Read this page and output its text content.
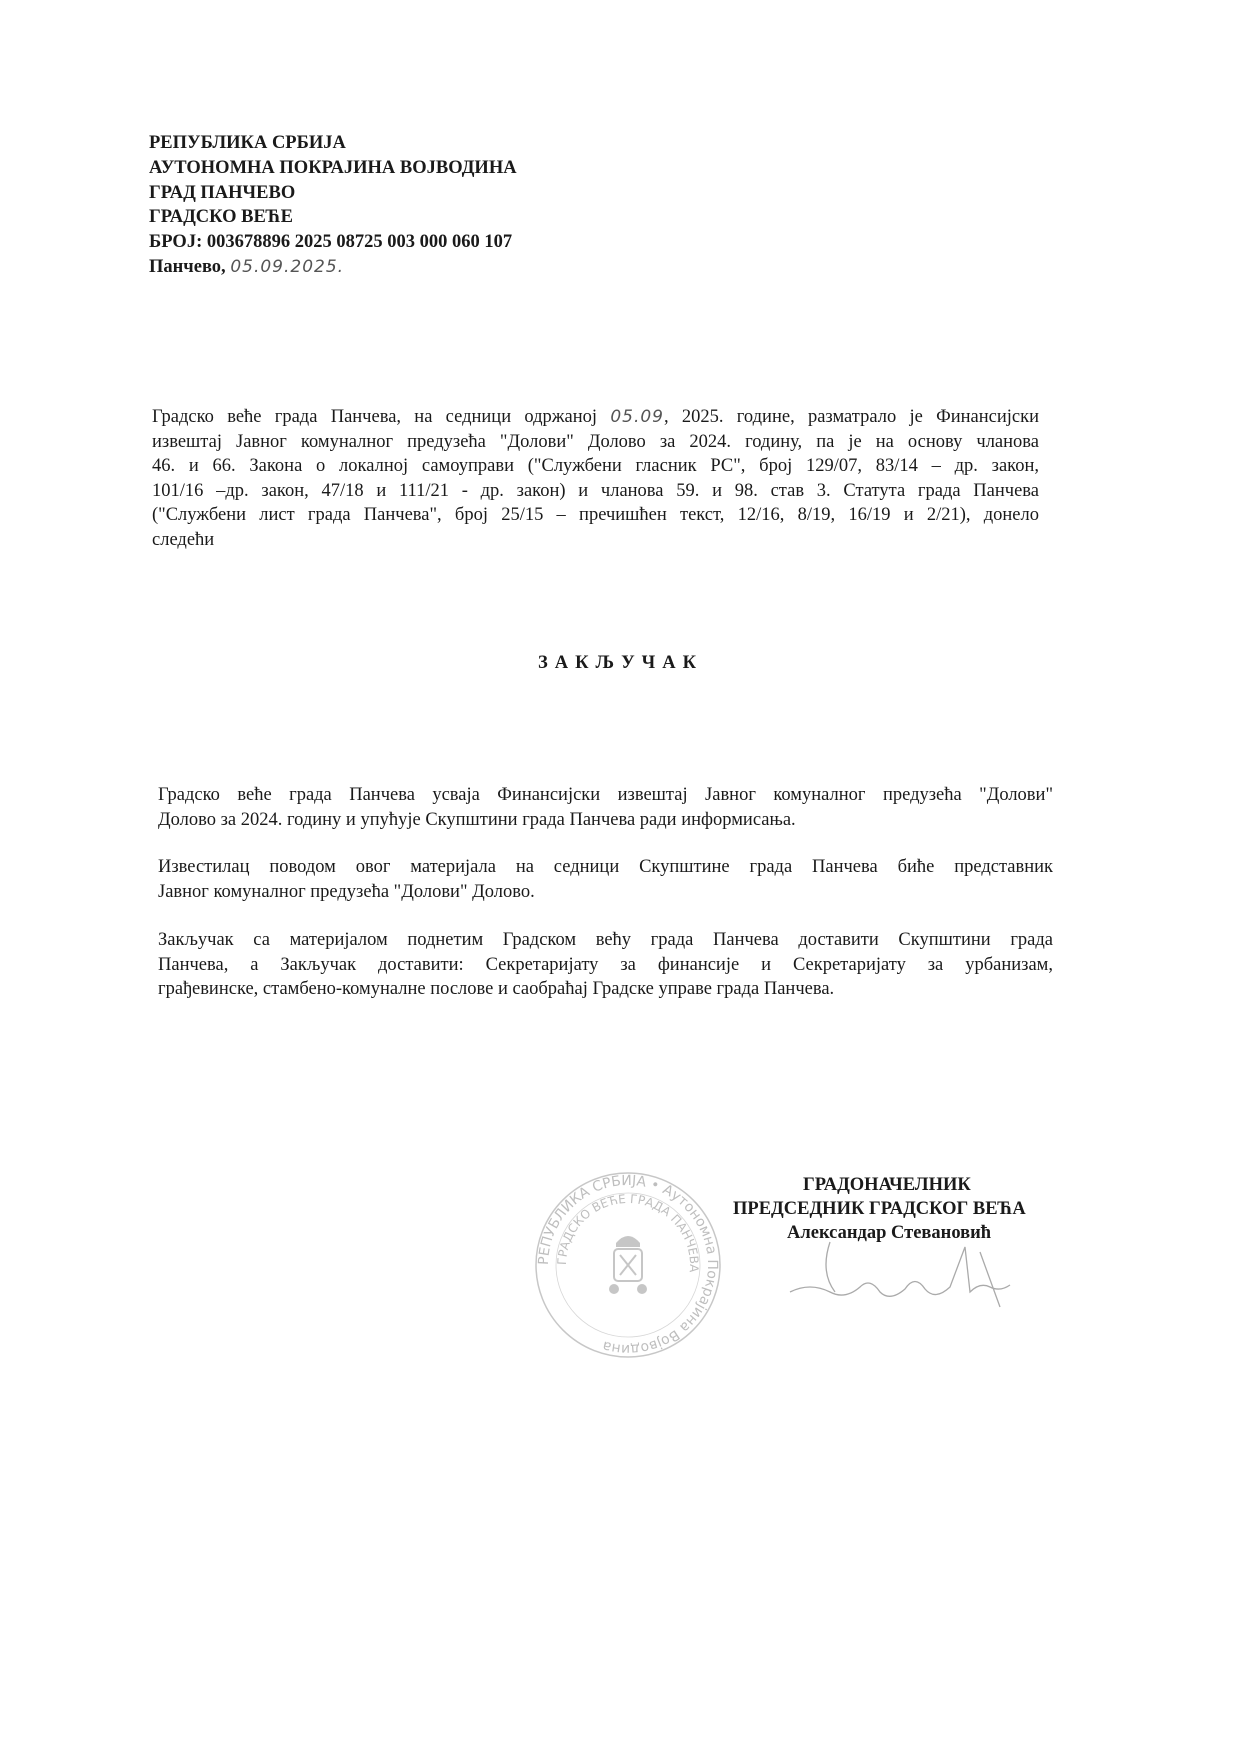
РЕПУБЛИКА СРБИЈА
АУТОНОМНА ПОКРАЈИНА ВОЈВОДИНА
ГРАД ПАНЧЕВО
ГРАДСКО ВЕЋЕ
БРОЈ: 003678896 2025 08725 003 000 060 107
Панчево, 05.09.2025.
Градско веће града Панчева, на седници одржаној 05.09, 2025. године, разматрало је Финансијски
извештај Јавног комуналног предузећа "Долови" Долово за 2024. годину, па је на основу чланова
46. и 66. Закона о локалној самоуправи ("Службени гласник РС", број 129/07, 83/14 – др. закон,
101/16 –др. закон, 47/18 и 111/21 - др. закон) и чланова 59. и 98. став 3. Статута града Панчева
("Службени лист града Панчева", број 25/15 – пречишћен текст, 12/16, 8/19, 16/19 и 2/21), донело
следећи
ЗАКЉУЧАК
Градско веће града Панчева усваја Финансијски извештај Јавног комуналног предузећа "Долови"
Долово за 2024. годину и упућује Скупштини града Панчева ради информисања.
Известилац поводом овог материјала на седници Скупштине града Панчева биће представник
Јавног комуналног предузећа "Долови" Долово.
Закључак са материјалом поднетим Градском већу града Панчева доставити Скупштини града
Панчева, а Закључак доставити: Секретаријату за финансије и Секретаријату за урбанизам,
грађевинске, стамбено-комуналне послове и саобраћај Градске управе града Панчева.
РЕПУБЛИКА СРБИЈА • Аутономна Покрајина Војводина
ГРАДСКО ВЕЋЕ ГРАДА ПАНЧЕВА
ГРАДОНАЧЕЛНИК
ПРЕДСЕДНИК ГРАДСКОГ ВЕЋА
Александар Стевановић
